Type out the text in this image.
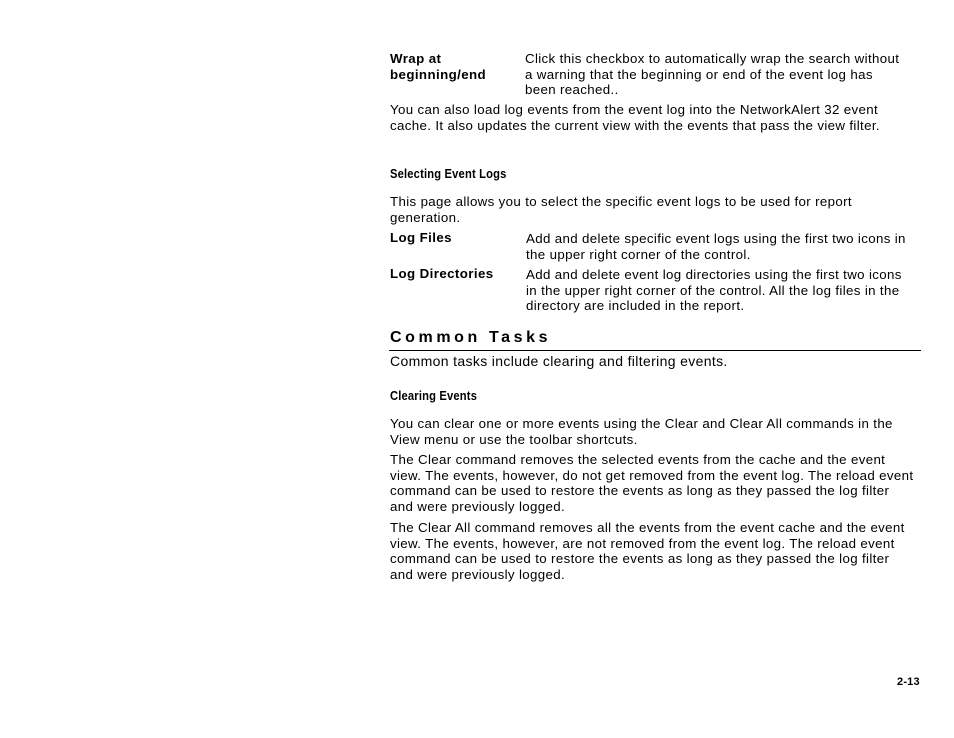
Wrap at
beginning/end
Click this checkbox to automatically wrap the search without a warning that the beginning or end of the event log has been reached..
You can also load log events from the event log into the NetworkAlert 32 event cache. It also updates the current view with the events that pass the view filter.
Selecting Event Logs
This page allows you to select the specific event logs to be used for report generation.
Log Files	Add and delete specific event logs using the first two icons in the upper right corner of the control.
Log Directories Add and delete event log directories using the first two icons in the upper right corner of the control. All the log files in the directory are included in the report.
Common Tasks
Common tasks include clearing and filtering events.
Clearing Events
You can clear one or more events using the Clear and Clear All commands in the View menu or use the toolbar shortcuts.
The Clear command removes the selected events from the cache and the event view. The events, however, do not get removed from the event log. The reload event command can be used to restore the events as long as they passed the log filter and were previously logged.
The Clear All command removes all the events from the event cache and the event view. The events, however, are not removed from the event log. The reload event command can be used to restore the events as long as they passed the log filter and were previously logged.
2-13
